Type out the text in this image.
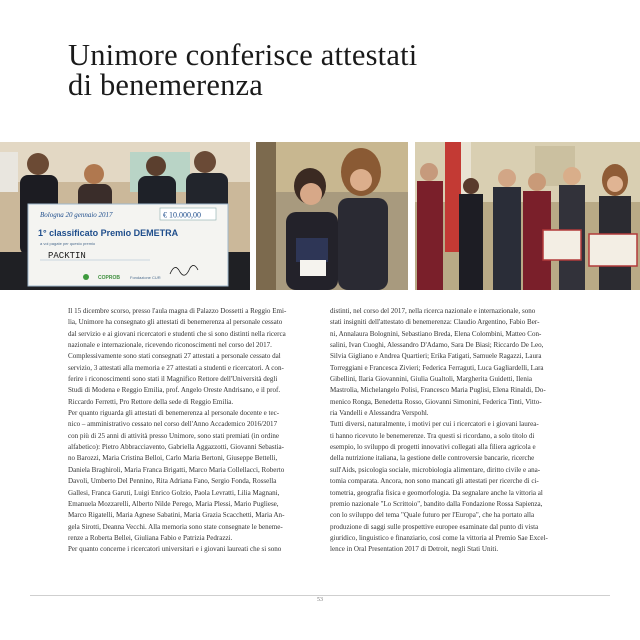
Unimore conferisce attestati
di benemerenza
Bologna 20 gennaio 2017	€ 10.000,00
1° classificato Premio DEMETRA
a voi pagate per questo premio
PACKTIN
COPROB	Fondazione CUR

Il 15 dicembre scorso, presso l'aula magna di Palazzo Dossetti a Reggio Emi-

lia, Unimore ha consegnato gli attestati di benemerenza al personale cessato

dal servizio e ai giovani ricercatori e studenti che si sono distinti nella ricerca

nazionale e internazionale, ricevendo riconoscimenti nel corso del 2017.

Complessivamente sono stati consegnati 27 attestati a personale cessato dal

servizio, 3 attestati alla memoria e 27 attestati a studenti e ricercatori. A con-

ferire i riconoscimenti sono stati il Magnifico Rettore dell'Università degli

Studi di Modena e Reggio Emilia, prof. Angelo Oreste Andrisano, e il prof.

Riccardo Ferretti, Pro Rettore della sede di Reggio Emilia.

Per quanto riguarda gli attestati di benemerenza al personale docente e tec-

nico – amministrativo cessato nel corso dell'Anno Accademico 2016/2017

con più di 25 anni di attività presso Unimore, sono stati premiati (in ordine

alfabetico): Pietro Abbracciavento, Gabriella Aggazzotti, Giovanni Sebastia-

no Barozzi, Maria Cristina Belloi, Carlo Maria Bertoni, Giuseppe Bettelli,

Daniela Braghiroli, Maria Franca Brigatti, Marco Maria Collellacci, Roberto

Davoli, Umberto Del Pennino, Rita Adriana Fano, Sergio Fonda, Rossella

Gallesi, Franca Garuti, Luigi Enrico Golzio, Paola Levratti, Lilia Magnani,

Emanuela Mozzarelli, Alberto Nilde Perego, Maria Plessi, Mario Pugliese,

Marco Rigatelli, Maria Agnese Sabatini, Maria Grazia Scacchetti, Maria An-

gela Sirotti, Deanna Vecchi. Alla memoria sono state consegnate le beneme-

renze a Roberta Bellei, Giuliana Fabio e Patrizia Pedrazzi.

Per quanto concerne i ricercatori universitari e i giovani laureati che si sono

distinti, nel corso del 2017, nella ricerca nazionale e internazionale, sono

stati insigniti dell'attestato di benemerenza: Claudio Argentino, Fabio Ber-

ni, Annalaura Bolognini, Sebastiano Breda, Elena Colombini, Matteo Con-

salini, Ivan Cuoghi, Alessandro D'Adamo, Sara De Biasi; Riccardo De Leo,

Silvia Gigliano e Andrea Quartieri; Erika Fatigati, Samuele Ragazzi, Laura

Torreggiani e Francesca Zivieri; Federica Ferraguti, Luca Gagliardelli, Lara

Gibellini, Ilaria Giovannini, Giulia Gualtoli, Margherita Guidetti, Ilenia

Mastrolia, Michelangelo Polisi, Francesco Maria Puglisi, Elena Rinaldi, Do-

menico Ronga, Benedetta Rosso, Giovanni Simonini, Federica Tinti, Vitto-

ria Vandelli e Alessandra Verspohl.

Tutti diversi, naturalmente, i motivi per cui i ricercatori e i giovani laurea-

ti hanno ricevuto le benemerenze. Tra questi si ricordano, a solo titolo di

esempio, lo sviluppo di progetti innovativi collegati alla filiera agricola e

della nutrizione italiana, la gestione delle controversie bancarie, ricerche

sull'Aids, psicologia sociale, microbiologia alimentare, diritto civile e ana-

tomia comparata. Ancora, non sono mancati gli attestati per ricerche di ci-

tometria, geografia fisica e geomorfologia. Da segnalare anche la vittoria al

premio nazionale "Lo Scrittoio", bandito dalla Fondazione Rossa Sapienza,

con lo sviluppo del tema "Quale futuro per l'Europa", che ha portato alla

produzione di saggi sulle prospettive europee esaminate dal punto di vista

giuridico, linguistico e finanziario, così come la vittoria al Premio Sae Excel-

lence in Oral Presentation 2017 di Detroit, negli Stati Uniti.

53
